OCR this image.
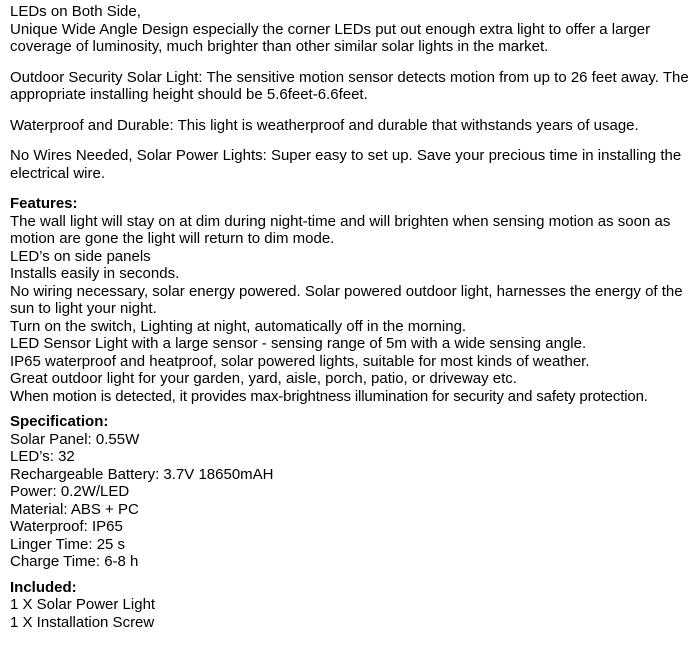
LEDs on Both Side,

Unique Wide Angle Design especially the corner LEDs put out enough extra light to offer a larger coverage of luminosity, much brighter than other similar solar lights in the market.

Outdoor Security Solar Light: The sensitive motion sensor detects motion from up to 26 feet away. The appropriate installing height should be 5.6feet-6.6feet.

Waterproof and Durable: This light is weatherproof and durable that withstands years of usage.

No Wires Needed, Solar Power Lights: Super easy to set up. Save your precious time in installing the electrical wire.

Features:

The wall light will stay on at dim during night-time and will brighten when sensing motion as soon as motion are gone the light will return to dim mode.

LED’s on side panels

Installs easily in seconds.

No wiring necessary, solar energy powered. Solar powered outdoor light, harnesses the energy of the sun to light your night.

Turn on the switch, Lighting at night, automatically off in the morning.

LED Sensor Light with a large sensor - sensing range of 5m with a wide sensing angle.

IP65 waterproof and heatproof, solar powered lights, suitable for most kinds of weather.

Great outdoor light for your garden, yard, aisle, porch, patio, or driveway etc.

When motion is detected, it provides max-brightness illumination for security and safety protection.

Specification:

Solar Panel: 0.55W

LED’s: 32

Rechargeable Battery: 3.7V 18650mAH

Power: 0.2W/LED

Material: ABS + PC

Waterproof: IP65

Linger Time: 25 s

Charge Time: 6-8 h

Included:

1 X Solar Power Light

1 X Installation Screw
